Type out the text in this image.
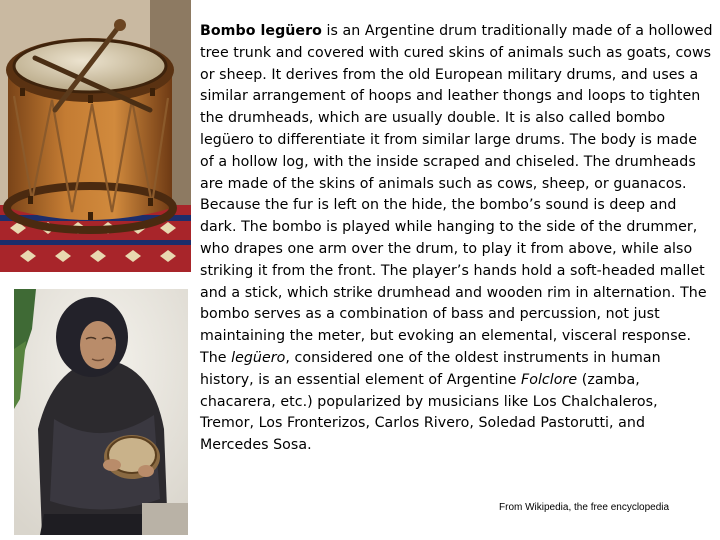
Bombo legüero is an Argentine drum traditionally made of a hollowed tree trunk and covered with cured skins of animals such as goats, cows or sheep. It derives from the old European military drums, and uses a similar arrangement of hoops and leather thongs and loops to tighten the drumheads, which are usually double. It is also called bombo legüero to differentiate it from similar large drums. The body is made of a hollow log, with the inside scraped and chiseled. The drumheads are made of the skins of animals such as cows, sheep, or guanacos. Because the fur is left on the hide, the bombo’s sound is deep and dark. The bombo is played while hanging to the side of the drummer, who drapes one arm over the drum, to play it from above, while also striking it from the front. The player’s hands hold a soft-headed mallet and a stick, which strike drumhead and wooden rim in alternation. The bombo serves as a combination of bass and percussion, not just maintaining the meter, but evoking an elemental, visceral response. The legüero, considered one of the oldest instruments in human history, is an essential element of Argentine Folclore (zamba, chacarera, etc.) popularized by musicians like Los Chalchaleros, Tremor, Los Fronterizos, Carlos Rivero, Soledad Pastorutti, and Mercedes Sosa.
From Wikipedia, the free encyclopedia
